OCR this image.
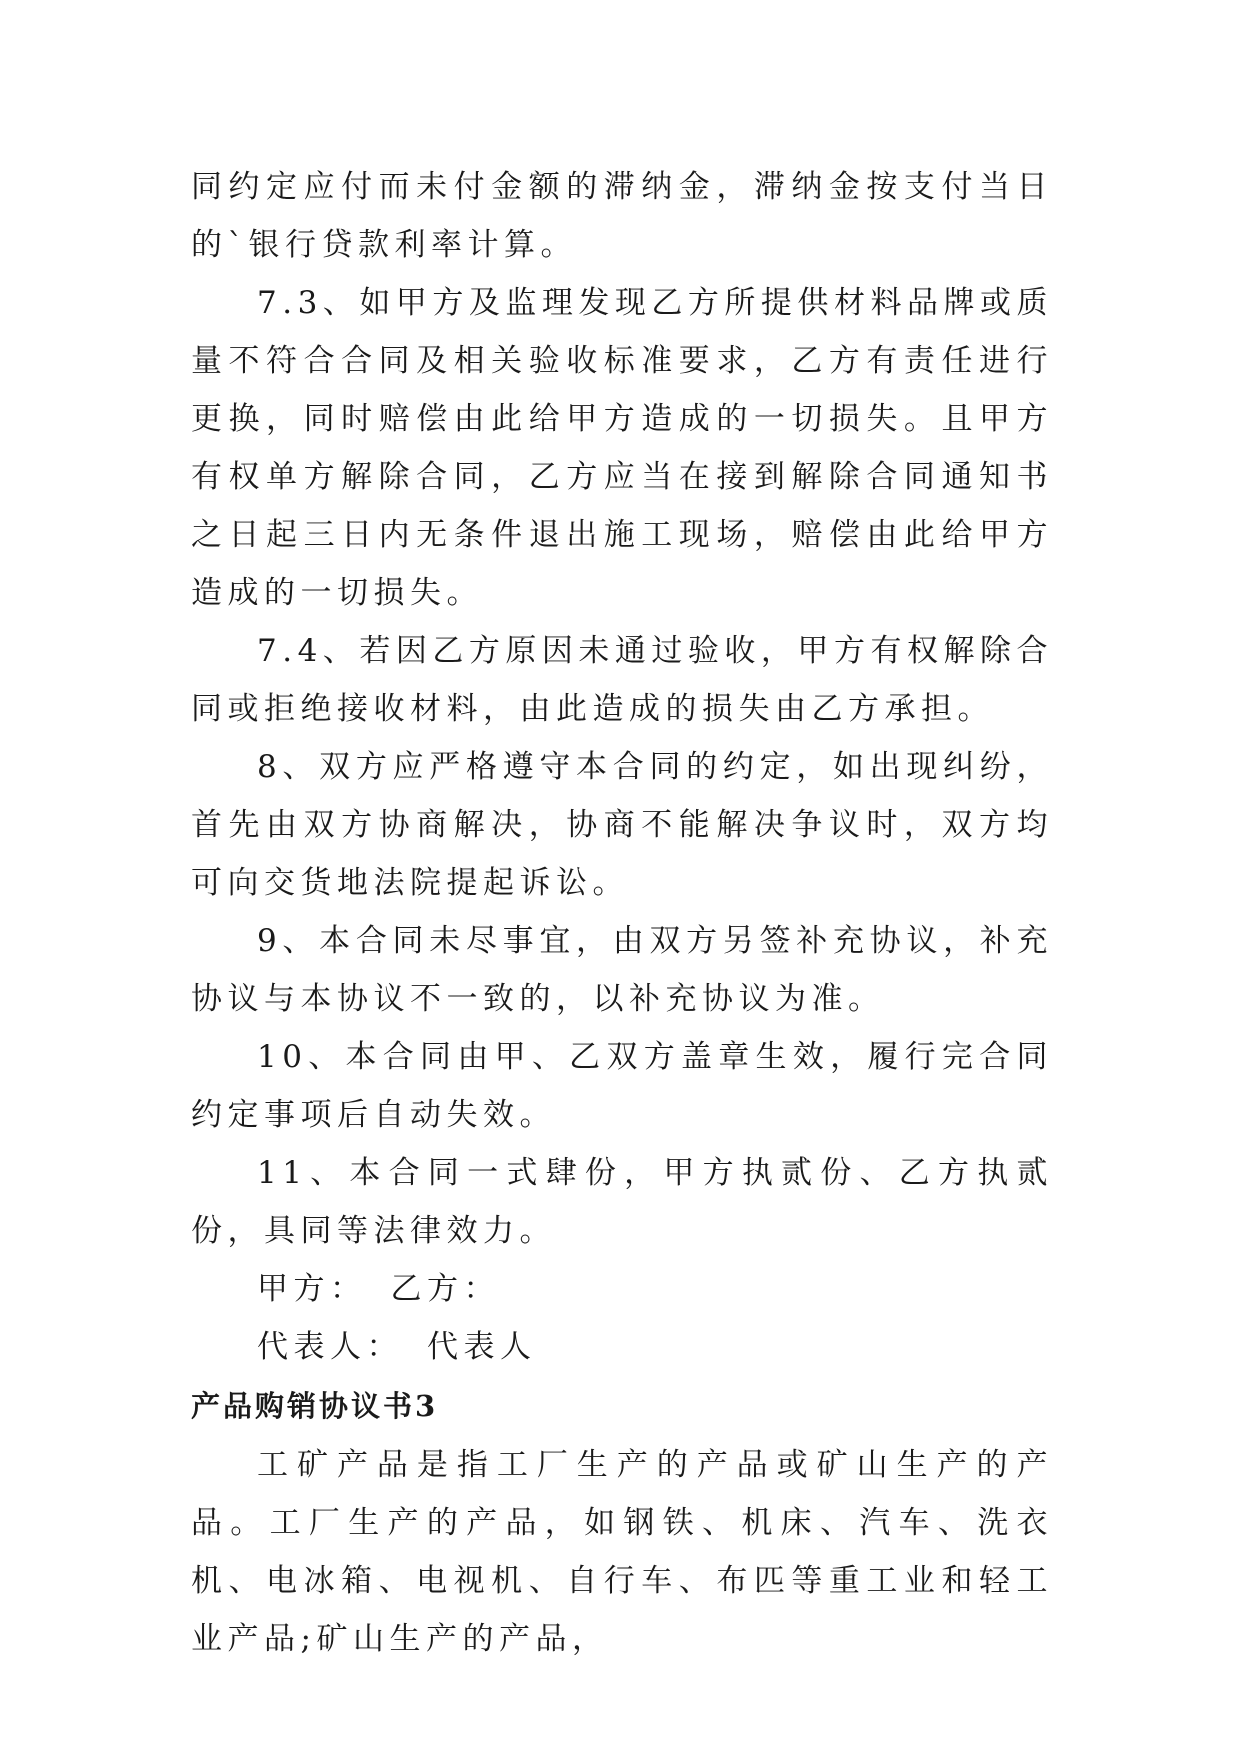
同约定应付而未付金额的滞纳金，滞纳金按支付当日的`银行贷款利率计算。

7.3、如甲方及监理发现乙方所提供材料品牌或质量不符合合同及相关验收标准要求，乙方有责任进行更换，同时赔偿由此给甲方造成的一切损失。且甲方有权单方解除合同，乙方应当在接到解除合同通知书之日起三日内无条件退出施工现场，赔偿由此给甲方造成的一切损失。

7.4、若因乙方原因未通过验收，甲方有权解除合同或拒绝接收材料，由此造成的损失由乙方承担。

8、双方应严格遵守本合同的约定，如出现纠纷，首先由双方协商解决，协商不能解决争议时，双方均可向交货地法院提起诉讼。

9、本合同未尽事宜，由双方另签补充协议，补充协议与本协议不一致的，以补充协议为准。

10、本合同由甲、乙双方盖章生效，履行完合同约定事项后自动失效。

11、本合同一式肆份，甲方执贰份、乙方执贰份，具同等法律效力。

甲方： 乙方：
代表人： 代表人
产品购销协议书3

工矿产品是指工厂生产的产品或矿山生产的产品。工厂生产的产品，如钢铁、机床、汽车、洗衣机、电冰箱、电视机、自行车、布匹等重工业和轻工业产品;矿山生产的产品，
